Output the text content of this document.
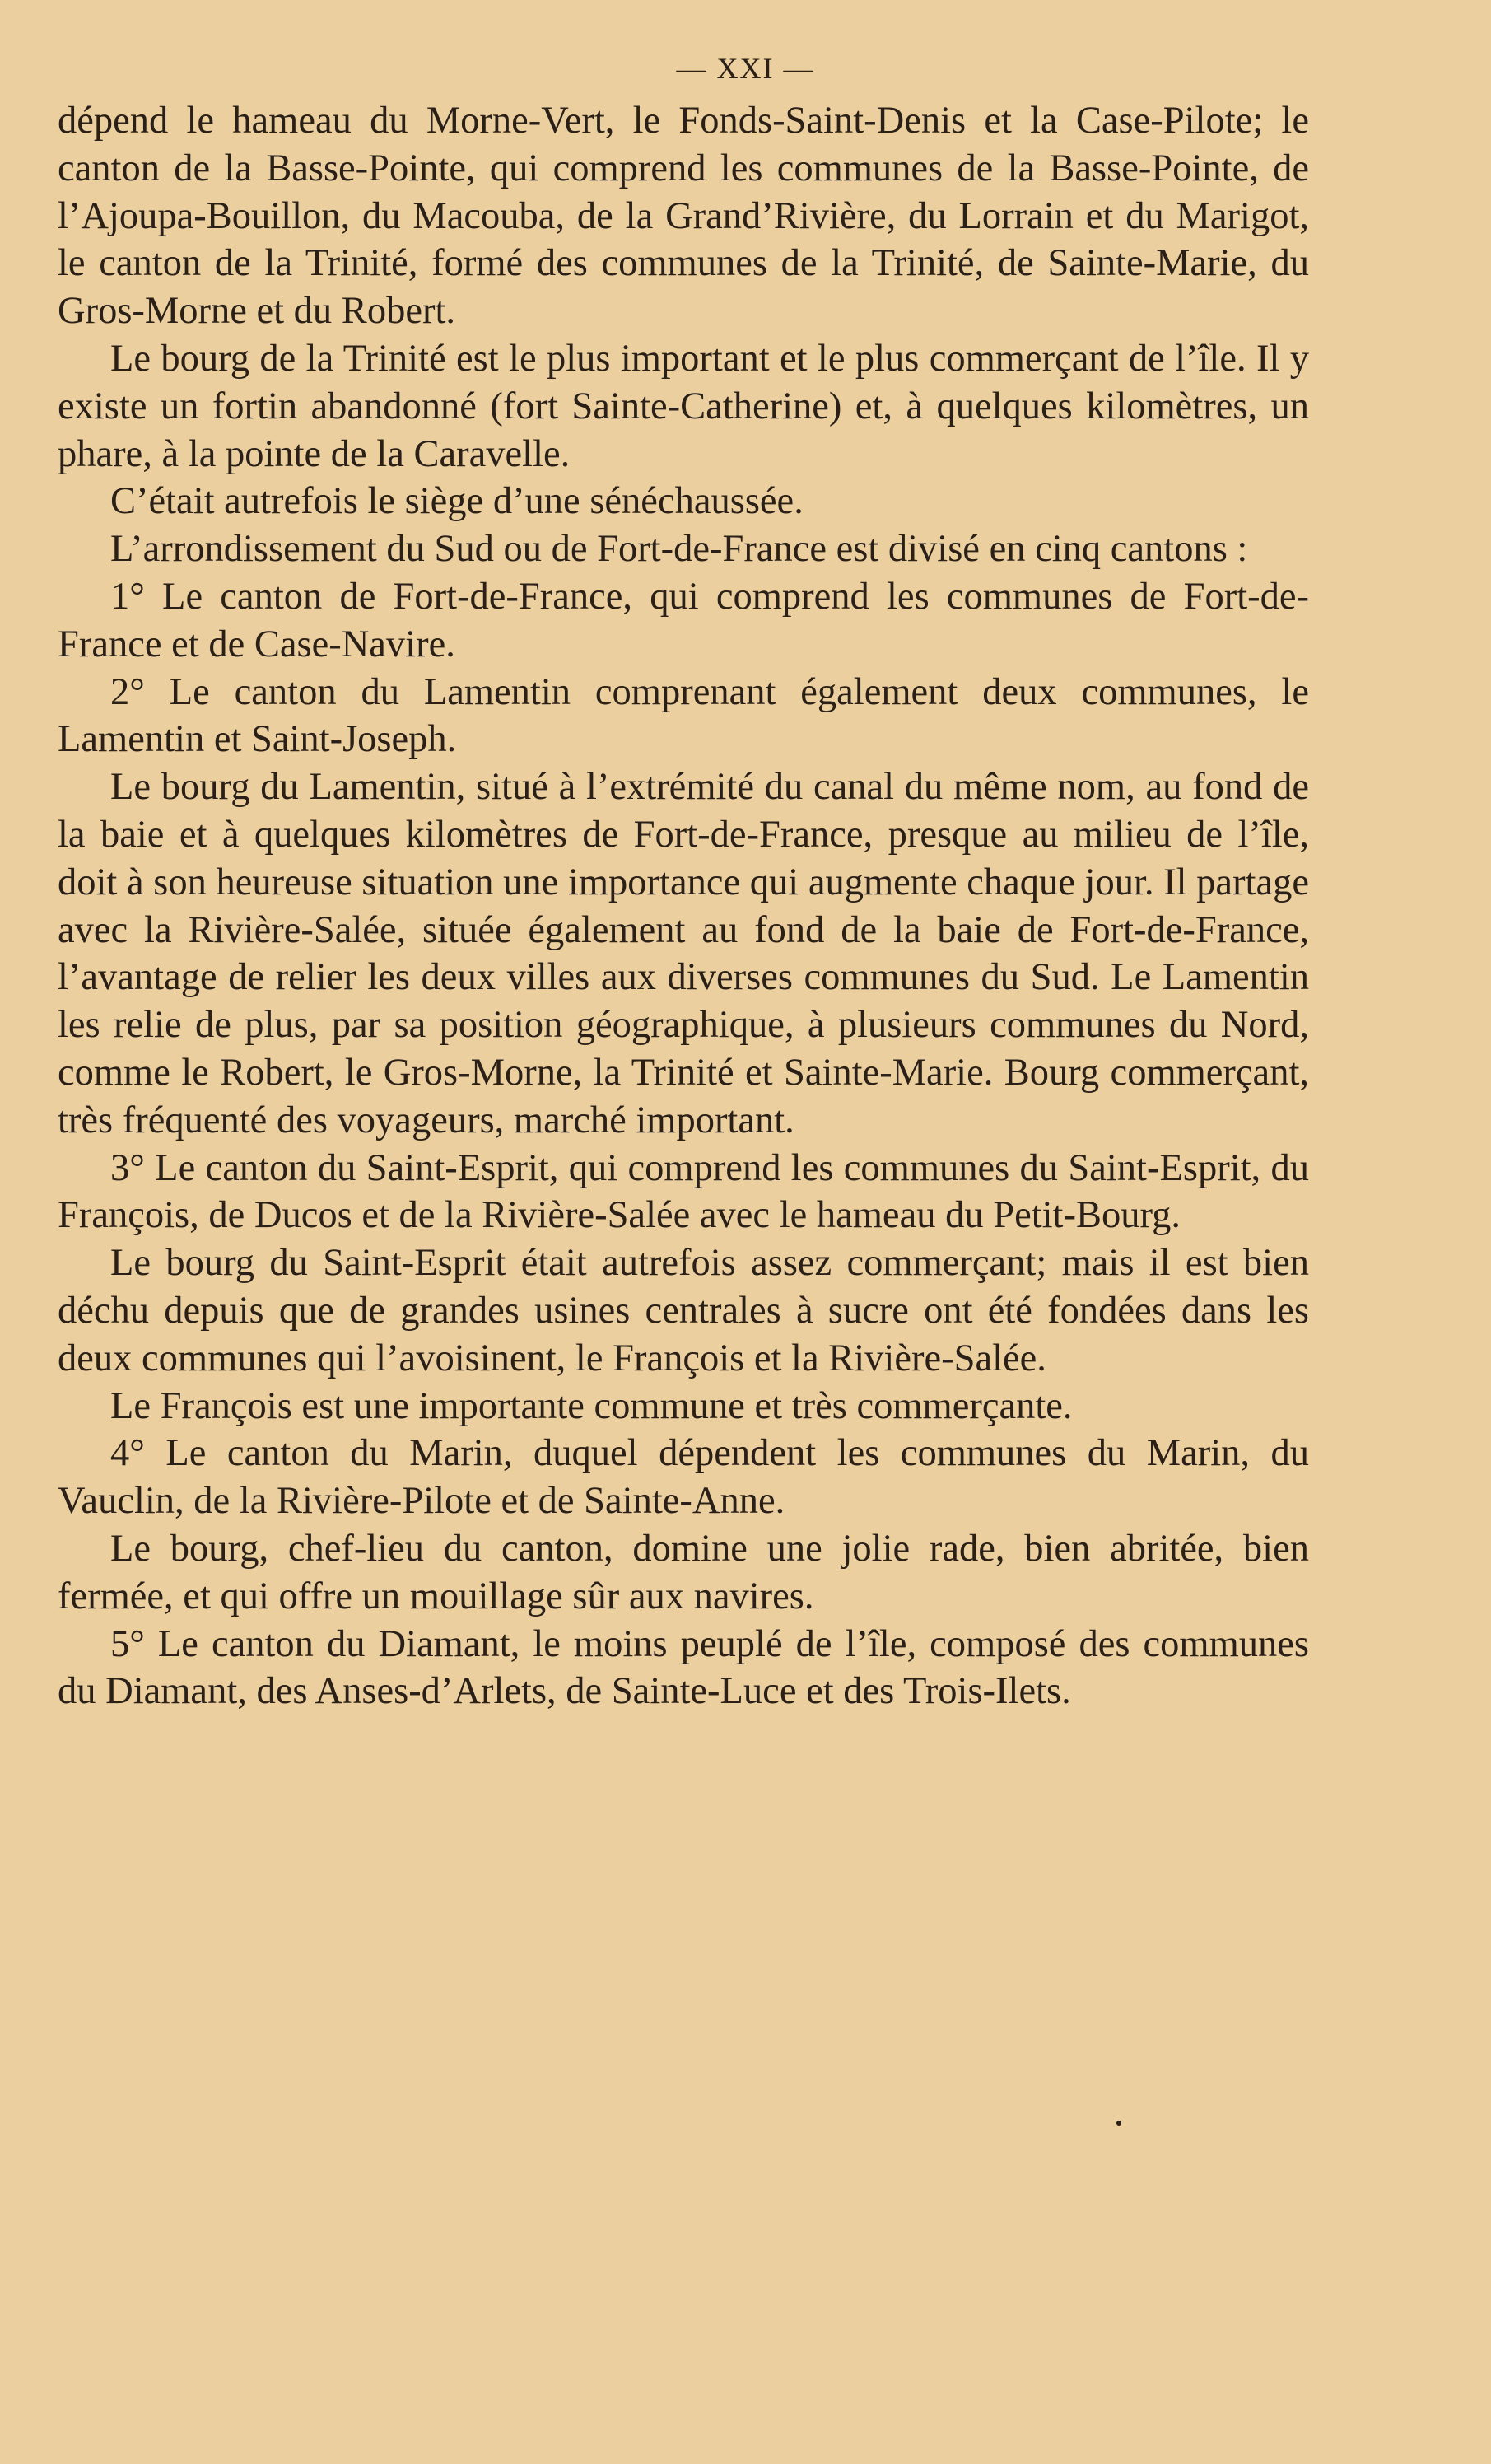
— XXI —

dépend le hameau du Morne-Vert, le Fonds-Saint-Denis et la Case-Pilote; le canton de la Basse-Pointe, qui comprend les communes de la Basse-Pointe, de l’Ajoupa-Bouillon, du Macouba, de la Grand’Rivière, du Lorrain et du Marigot, le canton de la Trinité, formé des communes de la Trinité, de Sainte-Marie, du Gros-Morne et du Robert.

Le bourg de la Trinité est le plus important et le plus commerçant de l’île. Il y existe un fortin abandonné (fort Sainte-Catherine) et, à quelques kilomètres, un phare, à la pointe de la Caravelle.

C’était autrefois le siège d’une sénéchaussée.

L’arrondissement du Sud ou de Fort-de-France est divisé en cinq cantons :

1° Le canton de Fort-de-France, qui comprend les communes de Fort-de-France et de Case-Navire.

2° Le canton du Lamentin comprenant également deux communes, le Lamentin et Saint-Joseph.

Le bourg du Lamentin, situé à l’extrémité du canal du même nom, au fond de la baie et à quelques kilomètres de Fort-de-France, presque au milieu de l’île, doit à son heureuse situation une importance qui augmente chaque jour. Il partage avec la Rivière-Salée, située également au fond de la baie de Fort-de-France, l’avantage de relier les deux villes aux diverses communes du Sud. Le Lamentin les relie de plus, par sa position géographique, à plusieurs communes du Nord, comme le Robert, le Gros-Morne, la Trinité et Sainte-Marie. Bourg commerçant, très fréquenté des voyageurs, marché important.

3° Le canton du Saint-Esprit, qui comprend les communes du Saint-Esprit, du François, de Ducos et de la Rivière-Salée avec le hameau du Petit-Bourg.

Le bourg du Saint-Esprit était autrefois assez commerçant; mais il est bien déchu depuis que de grandes usines centrales à sucre ont été fondées dans les deux communes qui l’avoisinent, le François et la Rivière-Salée.

Le François est une importante commune et très commerçante.

4° Le canton du Marin, duquel dépendent les communes du Marin, du Vauclin, de la Rivière-Pilote et de Sainte-Anne.

Le bourg, chef-lieu du canton, domine une jolie rade, bien abritée, bien fermée, et qui offre un mouillage sûr aux navires.

5° Le canton du Diamant, le moins peuplé de l’île, composé des communes du Diamant, des Anses-d’Arlets, de Sainte-Luce et des Trois-Ilets.
